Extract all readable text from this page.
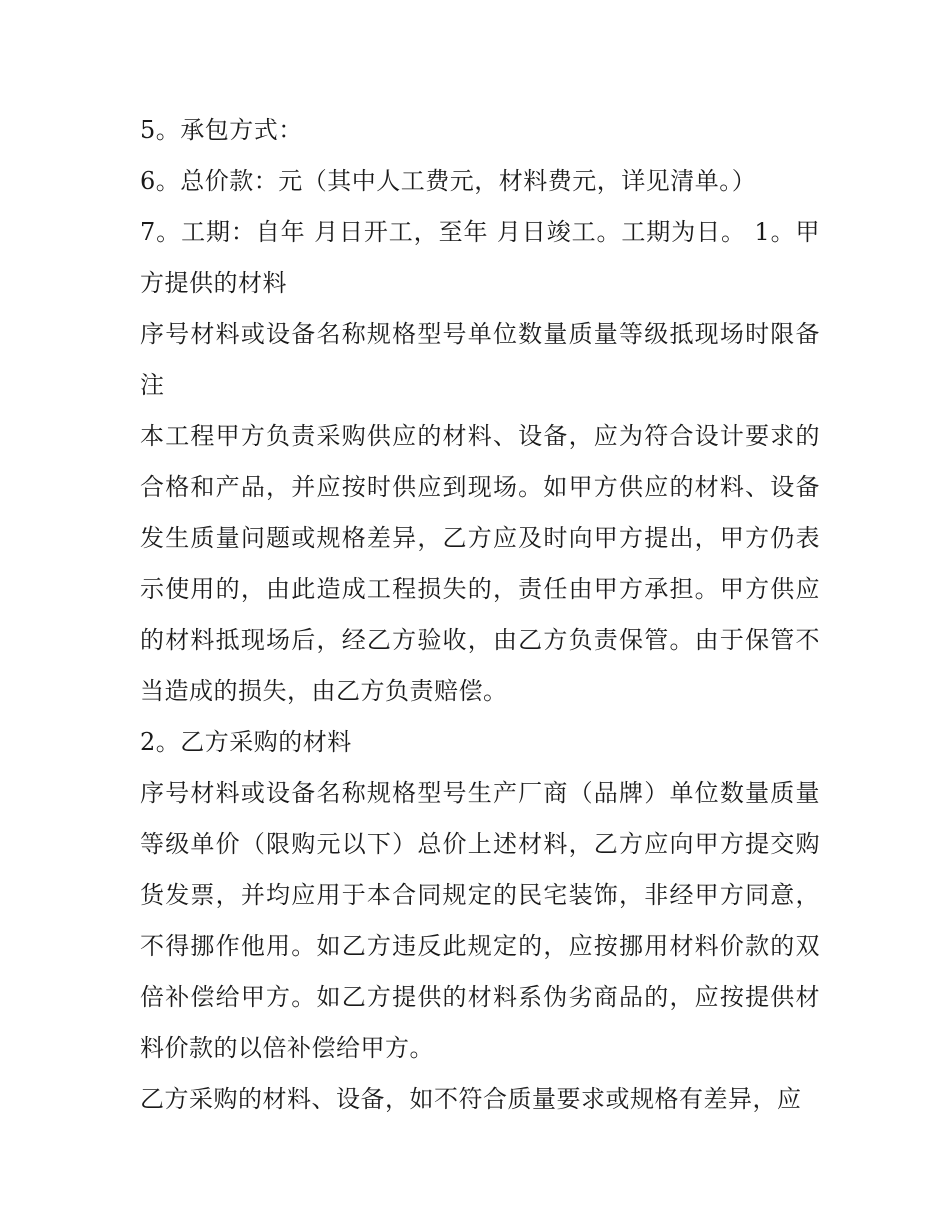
5。承包方式：

6。总价款：元（其中人工费元，材料费元，详见清单。）

7。工期：自年 月日开工，至年 月日竣工。工期为日。 1。甲方提供的材料

序号材料或设备名称规格型号单位数量质量等级抵现场时限备注

本工程甲方负责采购供应的材料、设备，应为符合设计要求的合格和产品，并应按时供应到现场。如甲方供应的材料、设备发生质量问题或规格差异，乙方应及时向甲方提出，甲方仍表示使用的，由此造成工程损失的，责任由甲方承担。甲方供应的材料抵现场后，经乙方验收，由乙方负责保管。由于保管不当造成的损失，由乙方负责赔偿。

2。乙方采购的材料

序号材料或设备名称规格型号生产厂商（品牌）单位数量质量等级单价（限购元以下）总价上述材料，乙方应向甲方提交购货发票，并均应用于本合同规定的民宅装饰，非经甲方同意，不得挪作他用。如乙方违反此规定的，应按挪用材料价款的双倍补偿给甲方。如乙方提供的材料系伪劣商品的，应按提供材料价款的以倍补偿给甲方。

乙方采购的材料、设备，如不符合质量要求或规格有差异，应
